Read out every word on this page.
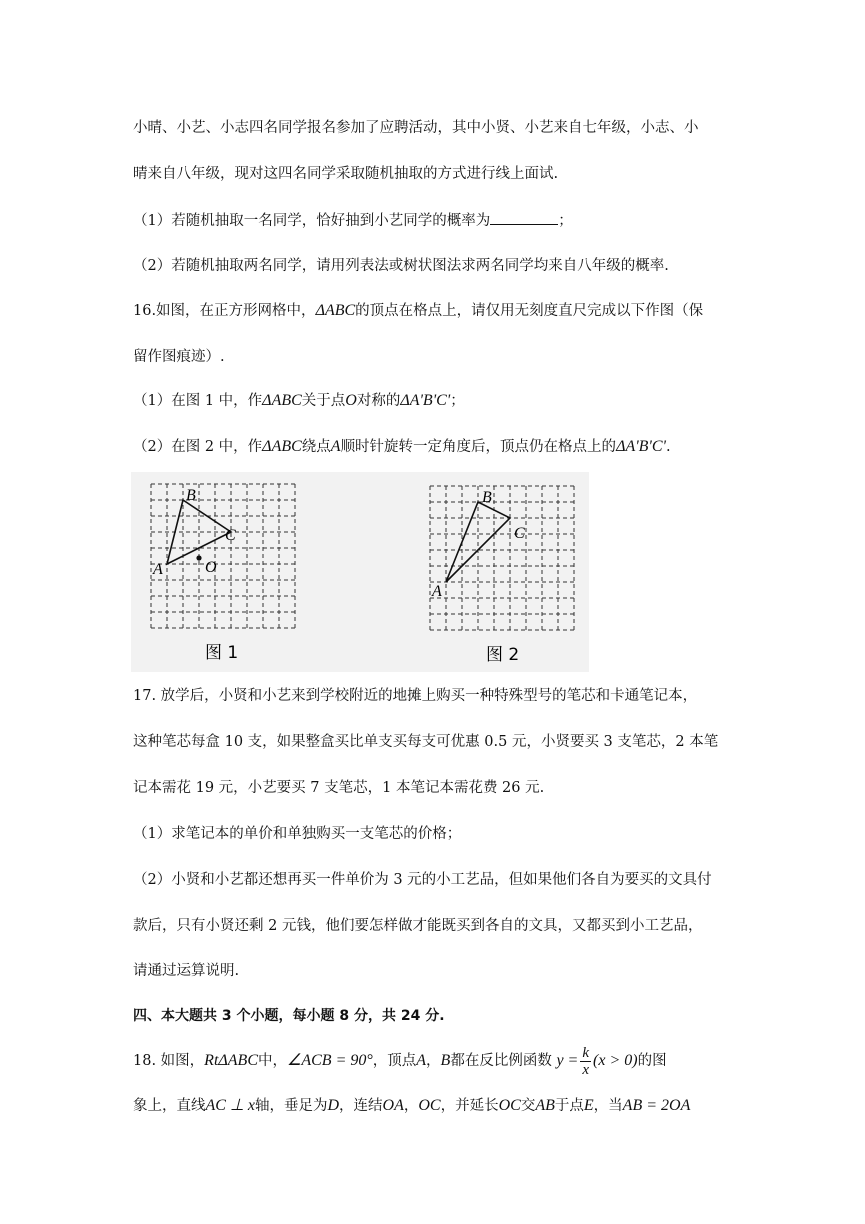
小晴、小艺、小志四名同学报名参加了应聘活动，其中小贤、小艺来自七年级，小志、小
晴来自八年级，现对这四名同学采取随机抽取的方式进行线上面试.
（1）若随机抽取一名同学，恰好抽到小艺同学的概率为	；
（2）若随机抽取两名同学，请用列表法或树状图法求两名同学均来自八年级的概率.
16.如图，在正方形网格中，ΔABC的顶点在格点上，请仅用无刻度直尺完成以下作图（保
留作图痕迹）.
（1）在图 1 中，作ΔABC关于点O对称的ΔA'B'C'；
（2）在图 2 中，作ΔABC绕点A顺时针旋转一定角度后，顶点仍在格点上的ΔA'B'C'.
A
B
C
O
图 1
A
B
C
图 2
17. 放学后，小贤和小艺来到学校附近的地摊上购买一种特殊型号的笔芯和卡通笔记本，
这种笔芯每盒 10 支，如果整盒买比单支买每支可优惠 0.5 元，小贤要买 3 支笔芯，2 本笔
记本需花 19 元，小艺要买 7 支笔芯，1 本笔记本需花费 26 元.
（1）求笔记本的单价和单独购买一支笔芯的价格；
（2）小贤和小艺都还想再买一件单价为 3 元的小工艺品，但如果他们各自为要买的文具付
款后，只有小贤还剩 2 元钱，他们要怎样做才能既买到各自的文具，又都买到小工艺品，
请通过运算说明.
四、本大题共 3 个小题，每小题 8 分，共 24 分.
18. 如图，RtΔABC中，∠ACB = 90°，顶点A，B都在反比例函数 $y = \frac{k}{x} (x > 0)$的图
象上，直线AC ⊥ x轴，垂足为D，连结OA，OC，并延长OC交AB于点E，当AB = 2OA
